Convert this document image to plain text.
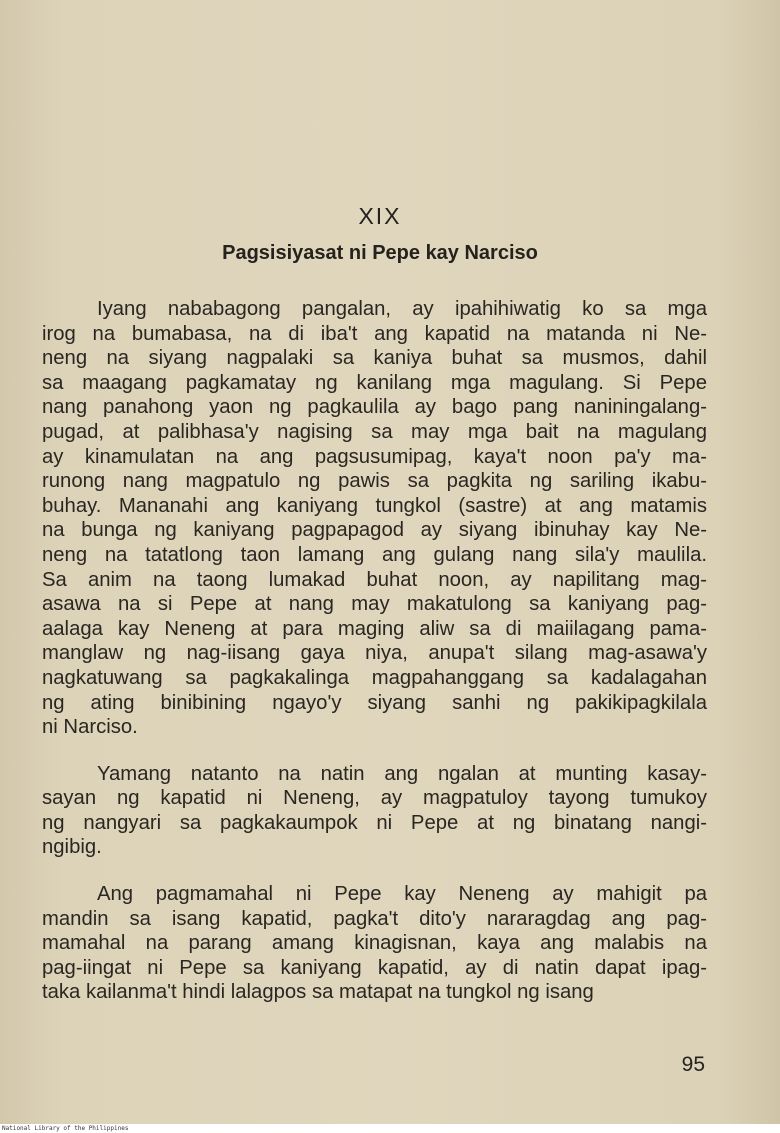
XIX
Pagsisiyasat ni Pepe kay Narciso
Iyang nababagong pangalan, ay ipahihiwatig ko sa mga
irog na bumabasa, na di iba't ang kapatid na matanda ni Ne-
neng na siyang nagpalaki sa kaniya buhat sa musmos, dahil
sa maagang pagkamatay ng kanilang mga magulang. Si Pepe
nang panahong yaon ng pagkaulila ay bago pang naniningalang-
pugad, at palibhasa'y nagising sa may mga bait na magulang
ay kinamulatan na ang pagsusumipag, kaya't noon pa'y ma-
runong nang magpatulo ng pawis sa pagkita ng sariling ikabu-
buhay. Mananahi ang kaniyang tungkol (sastre) at ang matamis
na bunga ng kaniyang pagpapagod ay siyang ibinuhay kay Ne-
neng na tatatlong taon lamang ang gulang nang sila'y maulila.
Sa anim na taong lumakad buhat noon, ay napilitang mag-
asawa na si Pepe at nang may makatulong sa kaniyang pag-
aalaga kay Neneng at para maging aliw sa di maiilagang pama-
manglaw ng nag-iisang gaya niya, anupa't silang mag-asawa'y
nagkatuwang sa pagkakalinga magpahanggang sa kadalagahan
ng ating binibining ngayo'y siyang sanhi ng pakikipagkilala
ni Narciso.
Yamang natanto na natin ang ngalan at munting kasay-
sayan ng kapatid ni Neneng, ay magpatuloy tayong tumukoy
ng nangyari sa pagkakaumpok ni Pepe at ng binatang nangi-
ngibig.
Ang pagmamahal ni Pepe kay Neneng ay mahigit pa
mandin sa isang kapatid, pagka't dito'y nararagdag ang pag-
mamahal na parang amang kinagisnan, kaya ang malabis na
pag-iingat ni Pepe sa kaniyang kapatid, ay di natin dapat ipag-
taka kailanma't hindi lalagpos sa matapat na tungkol ng isang
95
National Library of the Philippines
